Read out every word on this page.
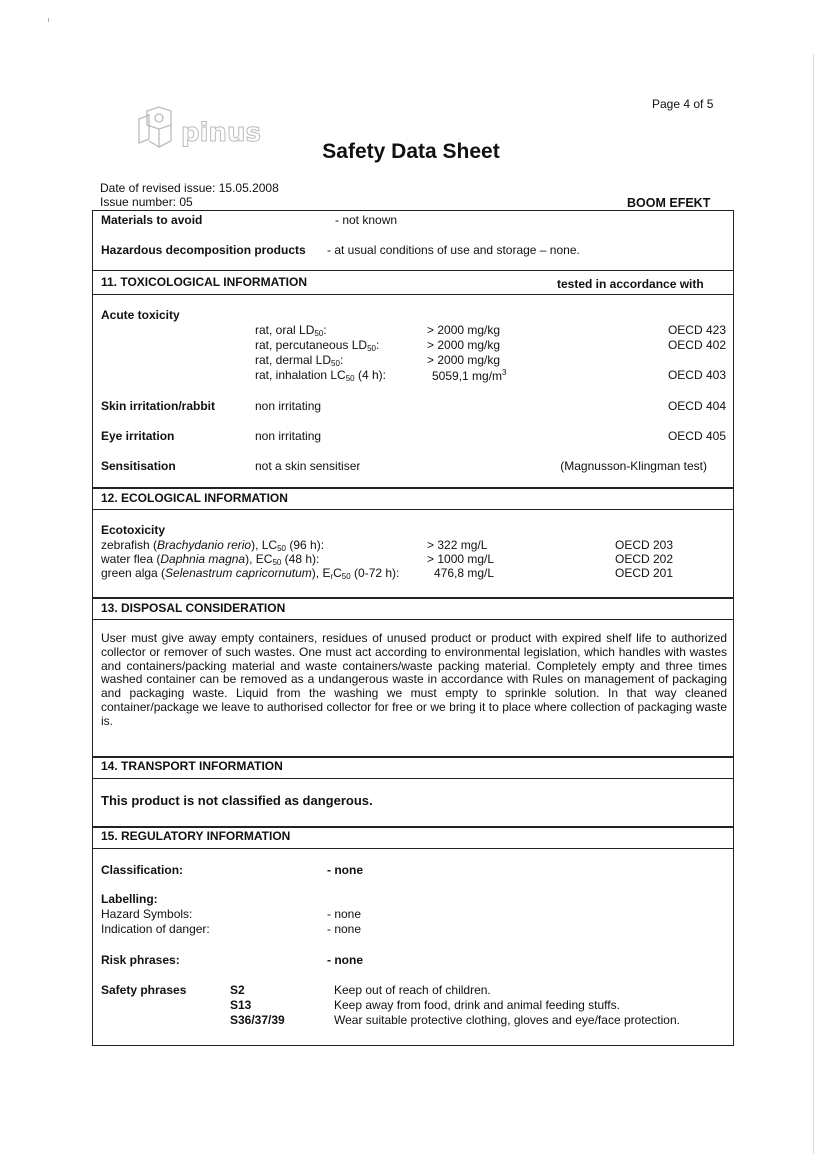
Page 4 of 5
pinus
Safety Data Sheet
Date of revised issue: 15.05.2008
Issue number: 05	BOOM EFEKT
Materials to avoid	- not known
Hazardous decomposition products - at usual conditions of use and storage – none.
11. TOXICOLOGICAL INFORMATION	tested in accordance with
Acute toxicity
rat, oral $LD_{50}$:	> 2000 mg/kg	OECD 423
rat, percutaneous $LD_{50}$:	> 2000 mg/kg	OECD 402
rat, dermal $LD_{50}$:	> 2000 mg/kg
rat, inhalation $LC_{50}$ (4 h):	5059,1 $mg/m^3$	OECD 403
Skin irritation/rabbit	non irritating	OECD 404
Eye irritation	non irritating	OECD 405
Sensitisation	not a skin sensitiser	(Magnusson-Klingman test)
12. ECOLOGICAL INFORMATION
Ecotoxicity
zebrafish (Brachydanio rerio), $LC_{50}$ (96 h):	> 322 mg/L	OECD 203
water flea (Daphnia magna), $EC_{50}$ (48 h):	> 1000 mg/L	OECD 202
green alga (Selenastrum capricornutum), $E_rC_{50}$ (0-72 h):	476,8 mg/L	OECD 201
13. DISPOSAL CONSIDERATION
User must give away empty containers, residues of unused product or product with expired shelf life to authorized collector or remover of such wastes. One must act according to environmental legislation, which handles with wastes and containers/packing material and waste containers/waste packing material. Completely empty and three times washed container can be removed as a undangerous waste in accordance with Rules on management of packaging and packaging waste. Liquid from the washing we must empty to sprinkle solution. In that way cleaned container/package we leave to authorised collector for free or we bring it to place where collection of packaging waste is.
14. TRANSPORT INFORMATION
This product is not classified as dangerous.
15. REGULATORY INFORMATION
Classification:	- none
Labelling:
Hazard Symbols:	- none
Indication of danger:	- none
Risk phrases:	- none
Safety phrases	S2	Keep out of reach of children.
S13	Keep away from food, drink and animal feeding stuffs.
S36/37/39	Wear suitable protective clothing, gloves and eye/face protection.
